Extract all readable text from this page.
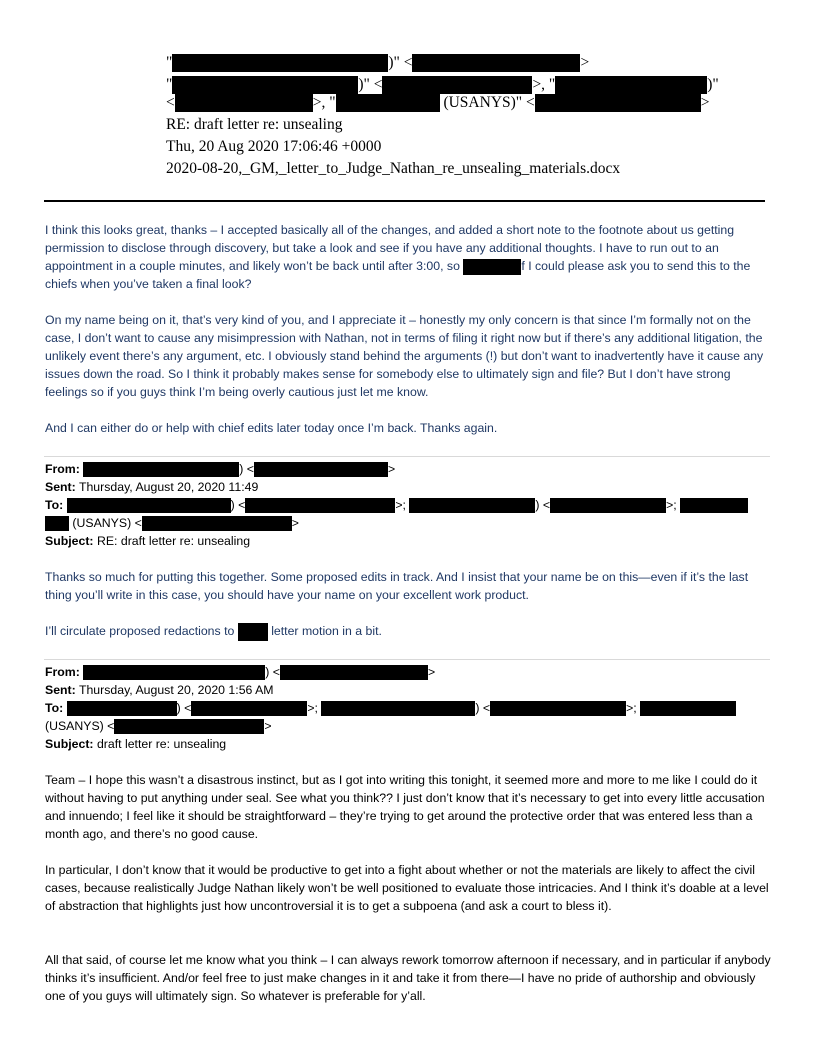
"	)" <	>
"	)" <	>, "	)"
<	>, "	(USANYS)" <	>
RE: draft letter re: unsealing
Thu, 20 Aug 2020 17:06:46 +0000
2020-08-20,_GM,_letter_to_Judge_Nathan_re_unsealing_materials.docx
I think this looks great, thanks – I accepted basically all of the changes, and added a short note to the footnote about us getting permission to disclose through discovery, but take a look and see if you have any additional thoughts. I have to run out to an appointment in a couple minutes, and likely won’t be back until after 3:00, so	f I could please ask you to send this to the chiefs when you’ve taken a final look?
On my name being on it, that’s very kind of you, and I appreciate it – honestly my only concern is that since I’m formally not on the case, I don’t want to cause any misimpression with Nathan, not in terms of filing it right now but if there’s any additional litigation, the unlikely event there’s any argument, etc. I obviously stand behind the arguments (!) but don’t want to inadvertently have it cause any issues down the road. So I think it probably makes sense for somebody else to ultimately sign and file? But I don’t have strong feelings so if you guys think I’m being overly cautious just let me know.
And I can either do or help with chief edits later today once I’m back. Thanks again.
From:	) <	>
Sent: Thursday, August 20, 2020 11:49
To:	) <	>;	) <	>;
(USANYS) <	>
Subject: RE: draft letter re: unsealing
Thanks so much for putting this together. Some proposed edits in track. And I insist that your name be on this—even if it’s the last thing you’ll write in this case, you should have your name on your excellent work product.
I’ll circulate proposed redactions to	letter motion in a bit.
From:	) <	>
Sent: Thursday, August 20, 2020 1:56 AM
To:	) <	>;	) <	>;
(USANYS) <	>
Subject: draft letter re: unsealing
Team – I hope this wasn’t a disastrous instinct, but as I got into writing this tonight, it seemed more and more to me like I could do it without having to put anything under seal. See what you think?? I just don’t know that it’s necessary to get into every little accusation and innuendo; I feel like it should be straightforward – they’re trying to get around the protective order that was entered less than a month ago, and there’s no good cause.
In particular, I don’t know that it would be productive to get into a fight about whether or not the materials are likely to affect the civil cases, because realistically Judge Nathan likely won’t be well positioned to evaluate those intricacies. And I think it’s doable at a level of abstraction that highlights just how uncontroversial it is to get a subpoena (and ask a court to bless it).
All that said, of course let me know what you think – I can always rework tomorrow afternoon if necessary, and in particular if anybody thinks it’s insufficient. And/or feel free to just make changes in it and take it from there—I have no pride of authorship and obviously one of you guys will ultimately sign. So whatever is preferable for y’all.
